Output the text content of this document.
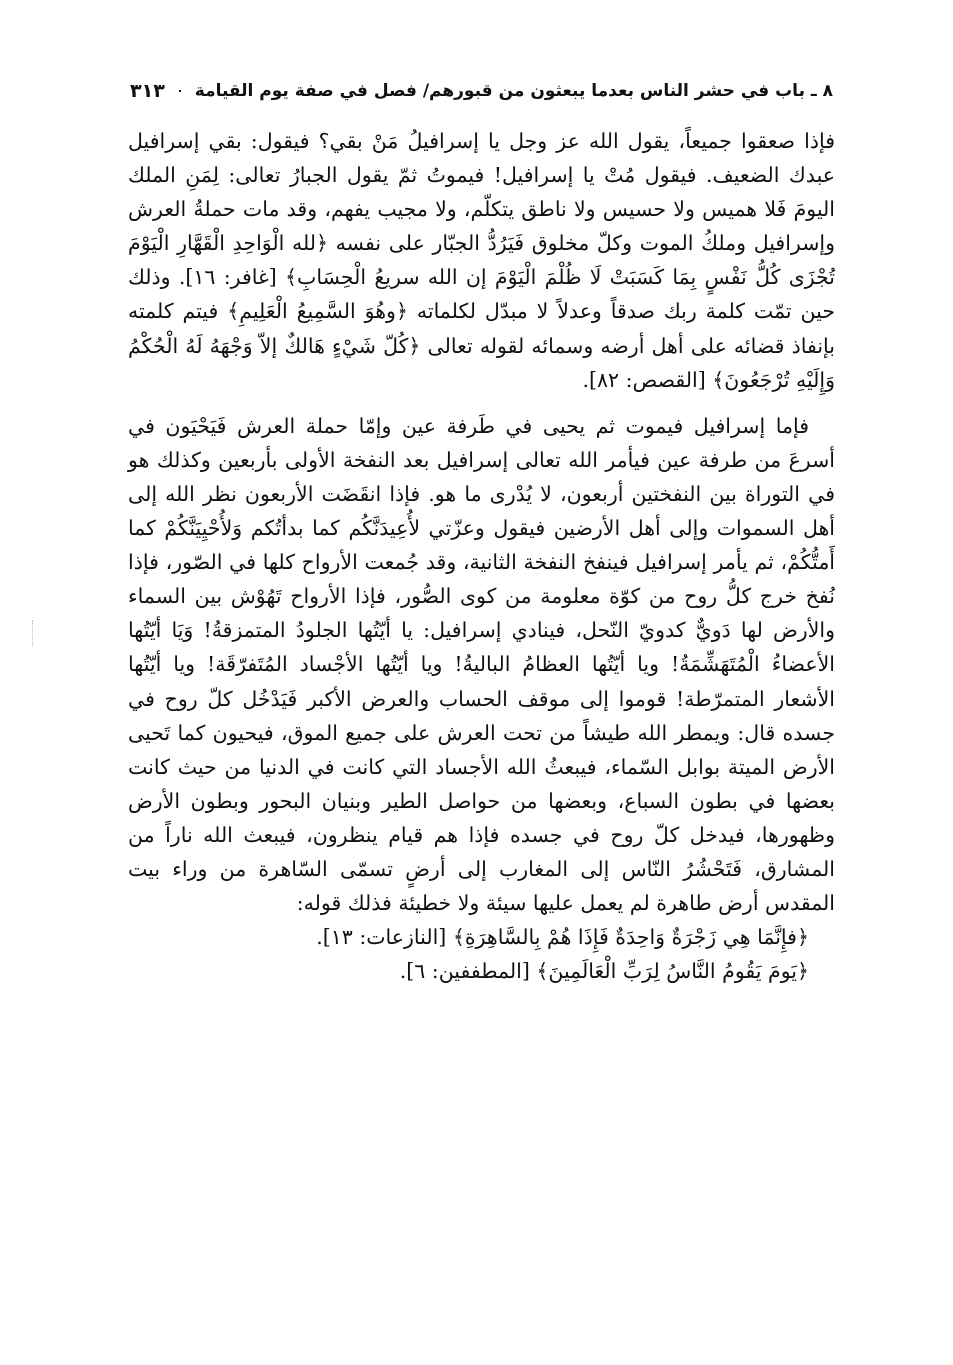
٨ ـ باب في حشر الناس بعدما يبعثون من قبورهم/ فصل في صفة يوم القيامة
٣١٣

فإذا صعقوا جميعاً، يقول الله عز وجل يا إسرافيلُ مَنْ بقي؟ فيقول: بقي إسرافيل عبدك الضعيف. فيقول مُتْ يا إسرافيل! فيموتُ ثمّ يقول الجبارُ تعالى: لِمَنِ الملك اليومَ فَلا هميس ولا حسيس ولا ناطق يتكلّم، ولا مجيب يفهم، وقد مات حملةُ العرش وإسرافيل وملكُ الموت وكلّ مخلوق فَيَرُدُّ الجبّار على نفسه ﴿لله الْوَاحِدِ الْقَهَّارِ الْيَوْمَ تُجْزَى كُلُّ نَفْسٍ بِمَا كَسَبَتْ لَا ظُلْمَ الْيَوْمَ إن الله سريعُ الْحِسَابِ﴾ [غافر: ١٦]. وذلك حين تمّت كلمة ربك صدقاً وعدلاً لا مبدّل لكلماته ﴿وهُوَ السَّمِيعُ الْعَلِيمِ﴾ فيتم كلمته بإنفاذ قضائه على أهل أرضه وسمائه لقوله تعالى ﴿كُلّ شَيْءٍ هَالكٌ إلاّ وَجْهَهُ لَهُ الْحُكْمُ وَإِلَيْهِ تُرْجَعُونَ﴾ [القصص: ٨٢].

فإما إسرافيل فيموت ثم يحيى في طَرفة عين وإمّا حملة العرش فَيَحْيَون في أسرعَ من طرفة عين فيأمر الله تعالى إسرافيل بعد النفخة الأولى بأربعين وكذلك هو في التوراة بين النفختين أربعون، لا يُدْرى ما هو. فإذا انقَضَت الأربعون نظر الله إلى أهل السموات وإلى أهل الأرضين فيقول وعزّتي لأُعِيدَنَّكُم كما بدأتُكم وَلأُحْيِيَنَّكُمْ كما أَمتُّكُمْ، ثم يأمر إسرافيل فينفخ النفخة الثانية، وقد جُمعت الأرواح كلها في الصّور، فإذا نُفخ خرج كلُّ روح من كوّة معلومة من كوى الصُّور، فإذا الأرواح تَهُوْش بين السماء والأرض لها دَويٌّ كدويّ النّحل، فينادي إسرافيل: يا أيّتُها الجلودُ المتمزقةُ! وَيَا أيّتُها الأعضاءُ الْمُتَهَشِّمَةُ! ويا أيّتُها العظامُ الباليةُ! ويا أيّتُها الأجْساد المُتَفرّقَة! ويا أيّتُها الأشعار المتمرّطة! قوموا إلى موقف الحساب والعرض الأكبر فَيَدْخُل كلّ روح في جسده قال: ويمطر الله طيشاً من تحت العرش على جميع الموق، فيحيون كما تَحيى الأرض الميتة بوابل السّماء، فيبعثُ الله الأجساد التي كانت في الدنيا من حيث كانت بعضها في بطون السباع، وبعضها من حواصل الطير وبنيان البحور وبطون الأرض وظهورها، فيدخل كلّ روح في جسده فإذا هم قيام ينظرون، فيبعث الله ناراً من المشارق، فَتَحْشُرُ النّاس إلى المغارب إلى أرضٍ تسمّى السّاهرة من وراء بيت المقدس أرض طاهرة لم يعمل عليها سيئة ولا خطيئة فذلك قوله:

﴿فإِنَّمَا هِي زَجْرَةٌ وَاحِدَةٌ فَإِذَا هُمْ بِالسَّاهِرَةِ﴾ [النازعات: ١٣].

﴿يَومَ يَقُومُ النَّاسُ لِرَبِّ الْعَالَمِينَ﴾ [المطففين: ٦].
